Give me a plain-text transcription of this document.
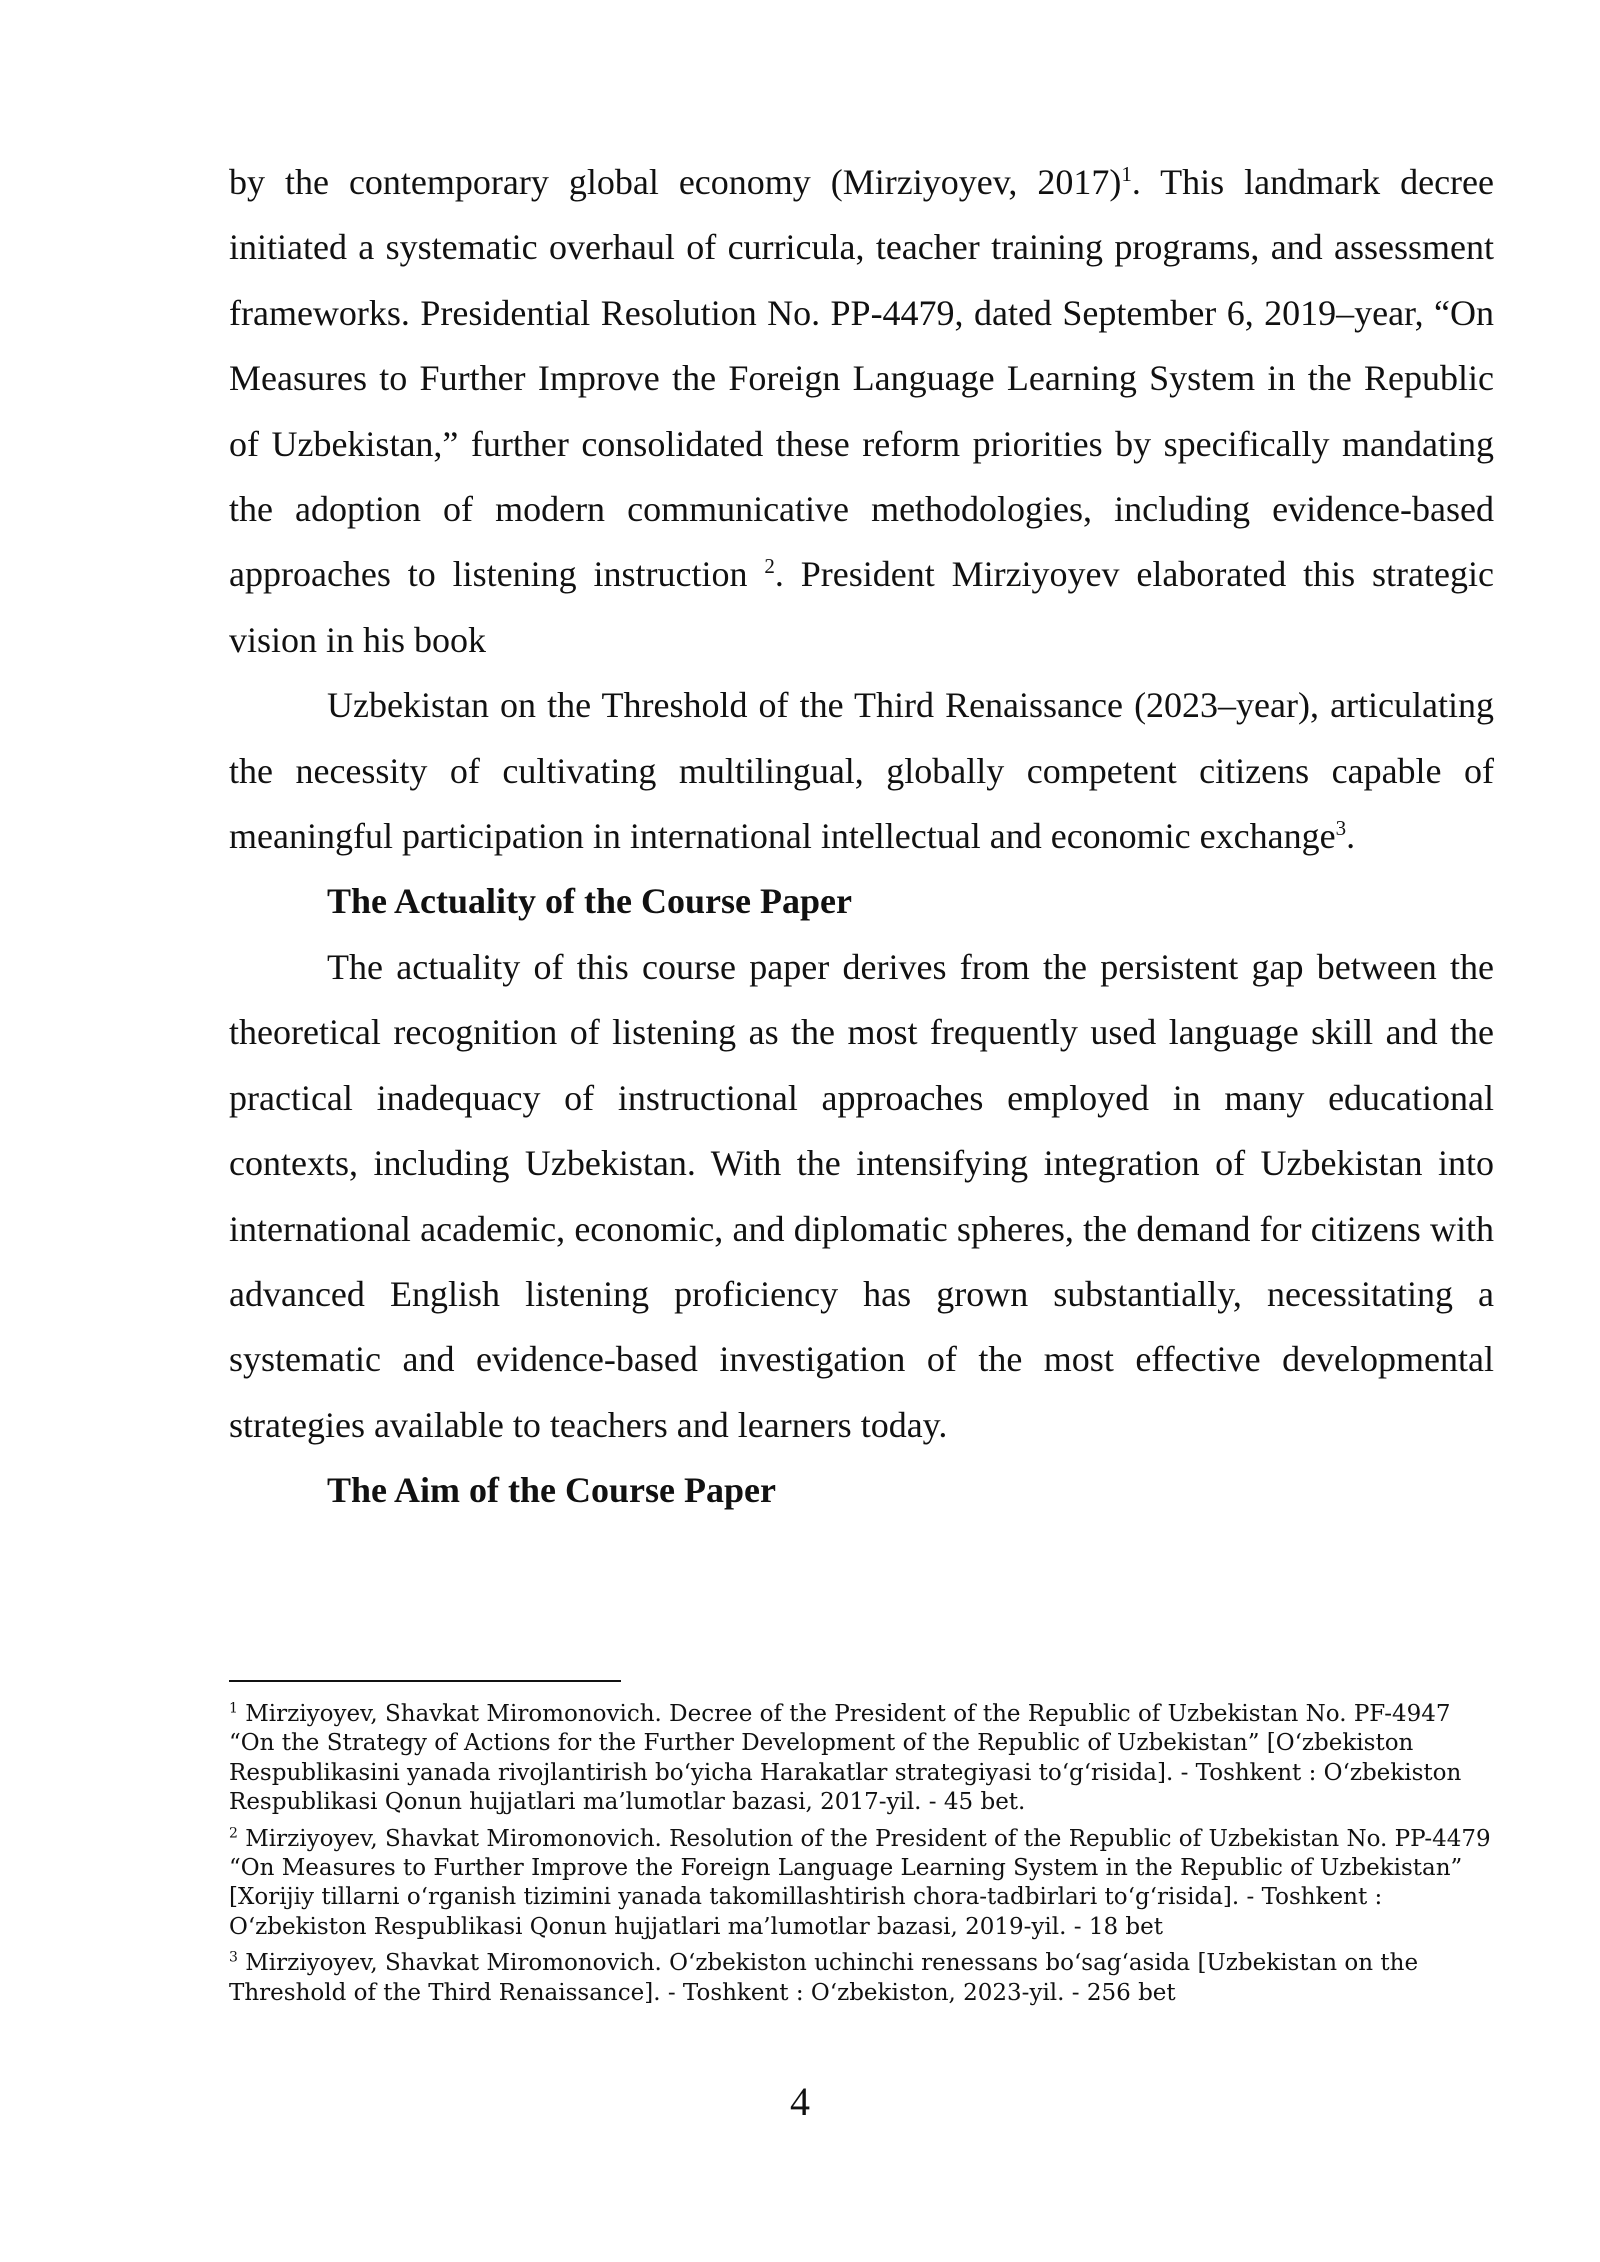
by the contemporary global economy (Mirziyoyev, 2017)$^1$. This landmark decree initiated a systematic overhaul of curricula, teacher training programs, and assessment frameworks. Presidential Resolution No. PP-4479, dated September 6, 2019–year, “On Measures to Further Improve the Foreign Language Learning System in the Republic of Uzbekistan,” further consolidated these reform priorities by specifically mandating the adoption of modern communicative methodologies, including evidence-based approaches to listening instruction $^2$. President Mirziyoyev elaborated this strategic vision in his book

Uzbekistan on the Threshold of the Third Renaissance (2023–year), articulating the necessity of cultivating multilingual, globally competent citizens capable of meaningful participation in international intellectual and economic exchange$^3$.

The Actuality of the Course Paper

The actuality of this course paper derives from the persistent gap between the theoretical recognition of listening as the most frequently used language skill and the practical inadequacy of instructional approaches employed in many educational contexts, including Uzbekistan. With the intensifying integration of Uzbekistan into international academic, economic, and diplomatic spheres, the demand for citizens with advanced English listening proficiency has grown substantially, necessitating a systematic and evidence-based investigation of the most effective developmental strategies available to teachers and learners today.

The Aim of the Course Paper

$^1$ Mirziyoyev, Shavkat Miromonovich. Decree of the President of the Republic of Uzbekistan No. PF-4947 “On the Strategy of Actions for the Further Development of the Republic of Uzbekistan” [O‘zbekiston Respublikasini yanada rivojlantirish bo‘yicha Harakatlar strategiyasi to‘g‘risida]. - Toshkent : O‘zbekiston Respublikasi Qonun hujjatlari ma’lumotlar bazasi, 2017-yil. - 45 bet.

$^2$ Mirziyoyev, Shavkat Miromonovich. Resolution of the President of the Republic of Uzbekistan No. PP-4479 “On Measures to Further Improve the Foreign Language Learning System in the Republic of Uzbekistan” [Xorijiy tillarni o‘rganish tizimini yanada takomillashtirish chora-tadbirlari to‘g‘risida]. - Toshkent : O‘zbekiston Respublikasi Qonun hujjatlari ma’lumotlar bazasi, 2019-yil. - 18 bet

$^3$ Mirziyoyev, Shavkat Miromonovich. O‘zbekiston uchinchi renessans bo‘sag‘asida [Uzbekistan on the Threshold of the Third Renaissance]. - Toshkent : O‘zbekiston, 2023-yil. - 256 bet

4
